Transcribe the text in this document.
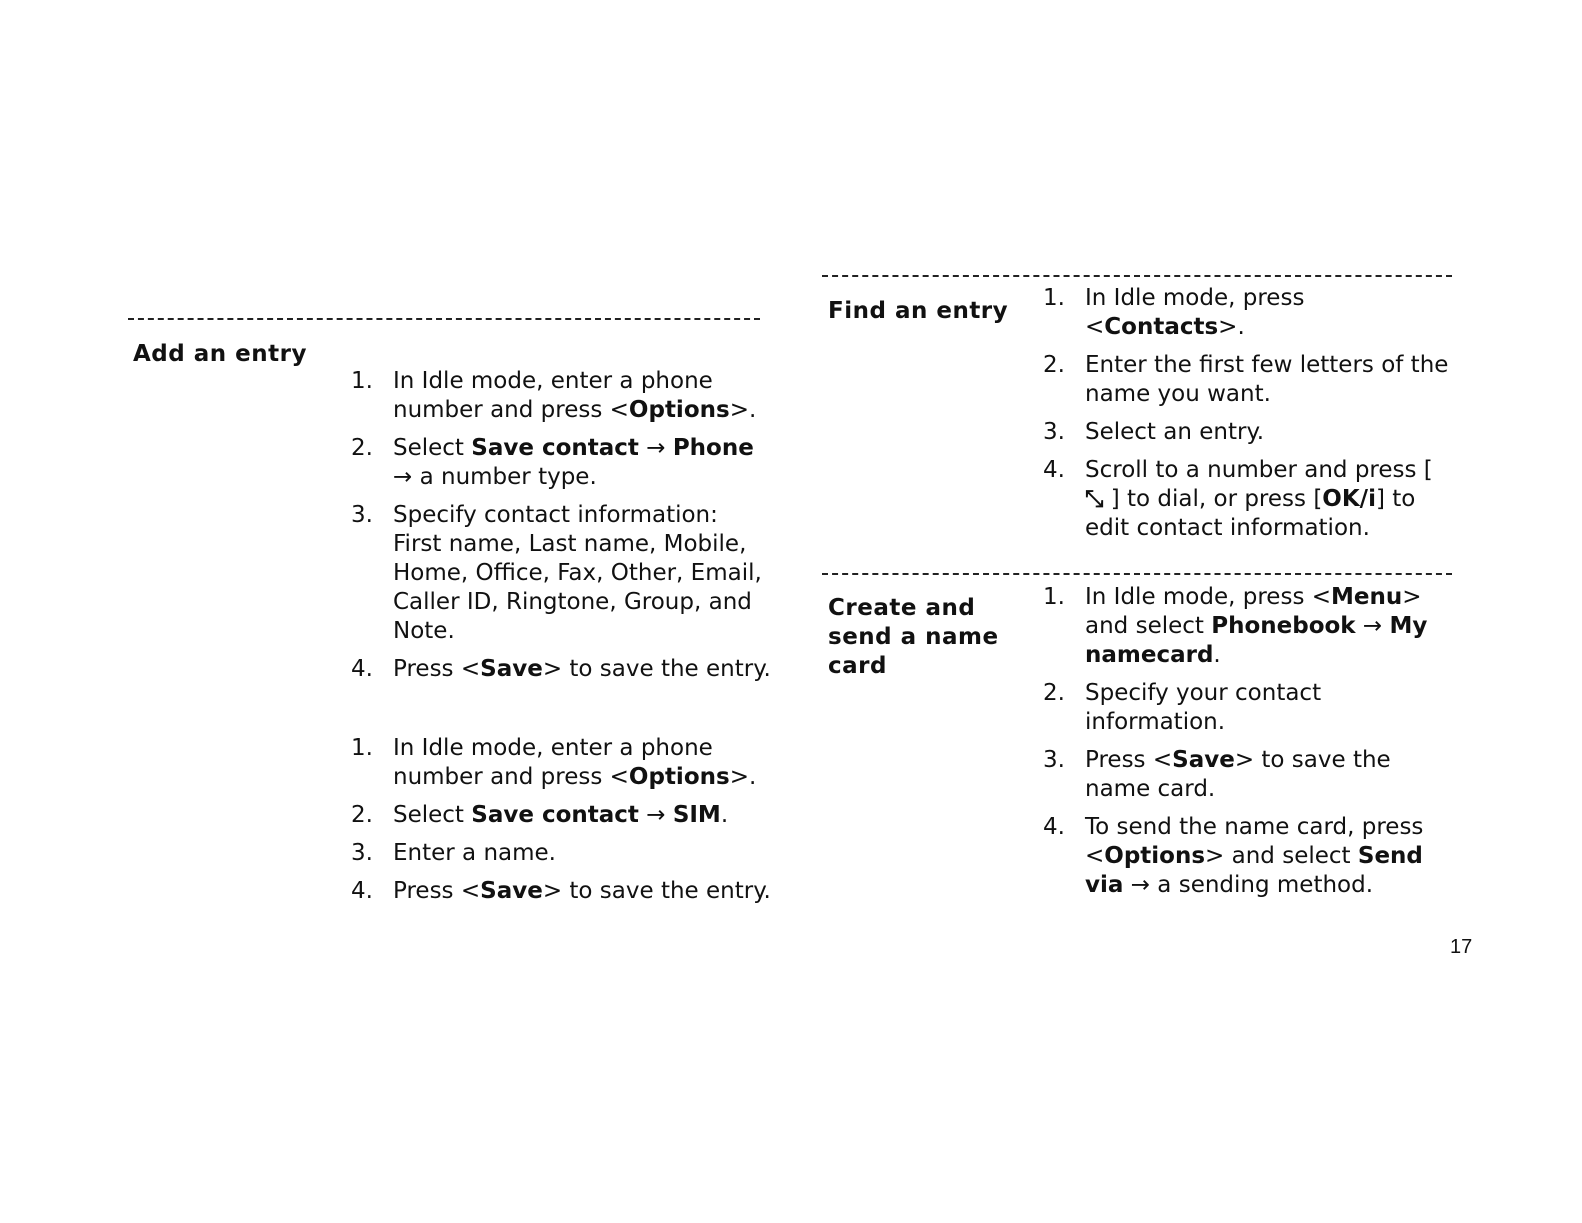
Add an entry
1. In Idle mode, enter a phone number and press <Options>.
2. Select Save contact → Phone → a number type.
3. Specify contact information: First name, Last name, Mobile, Home, Office, Fax, Other, Email, Caller ID, Ringtone, Group, and Note.
4. Press <Save> to save the entry.
1. In Idle mode, enter a phone number and press <Options>.
2. Select Save contact → SIM.
3. Enter a name.
4. Press <Save> to save the entry.
Find an entry 1. In Idle mode, press <Contacts>.
2. Enter the first few letters of the name you want.
3. Select an entry.
4. Scroll to a number and press [ ⤡ ] to dial, or press [OK/i] to edit contact information.
Create and
send a name
card
1. In Idle mode, press <Menu> and select Phonebook → My namecard.
2. Specify your contact information.
3. Press <Save> to save the name card.
4. To send the name card, press <Options> and select Send via → a sending method.
17
